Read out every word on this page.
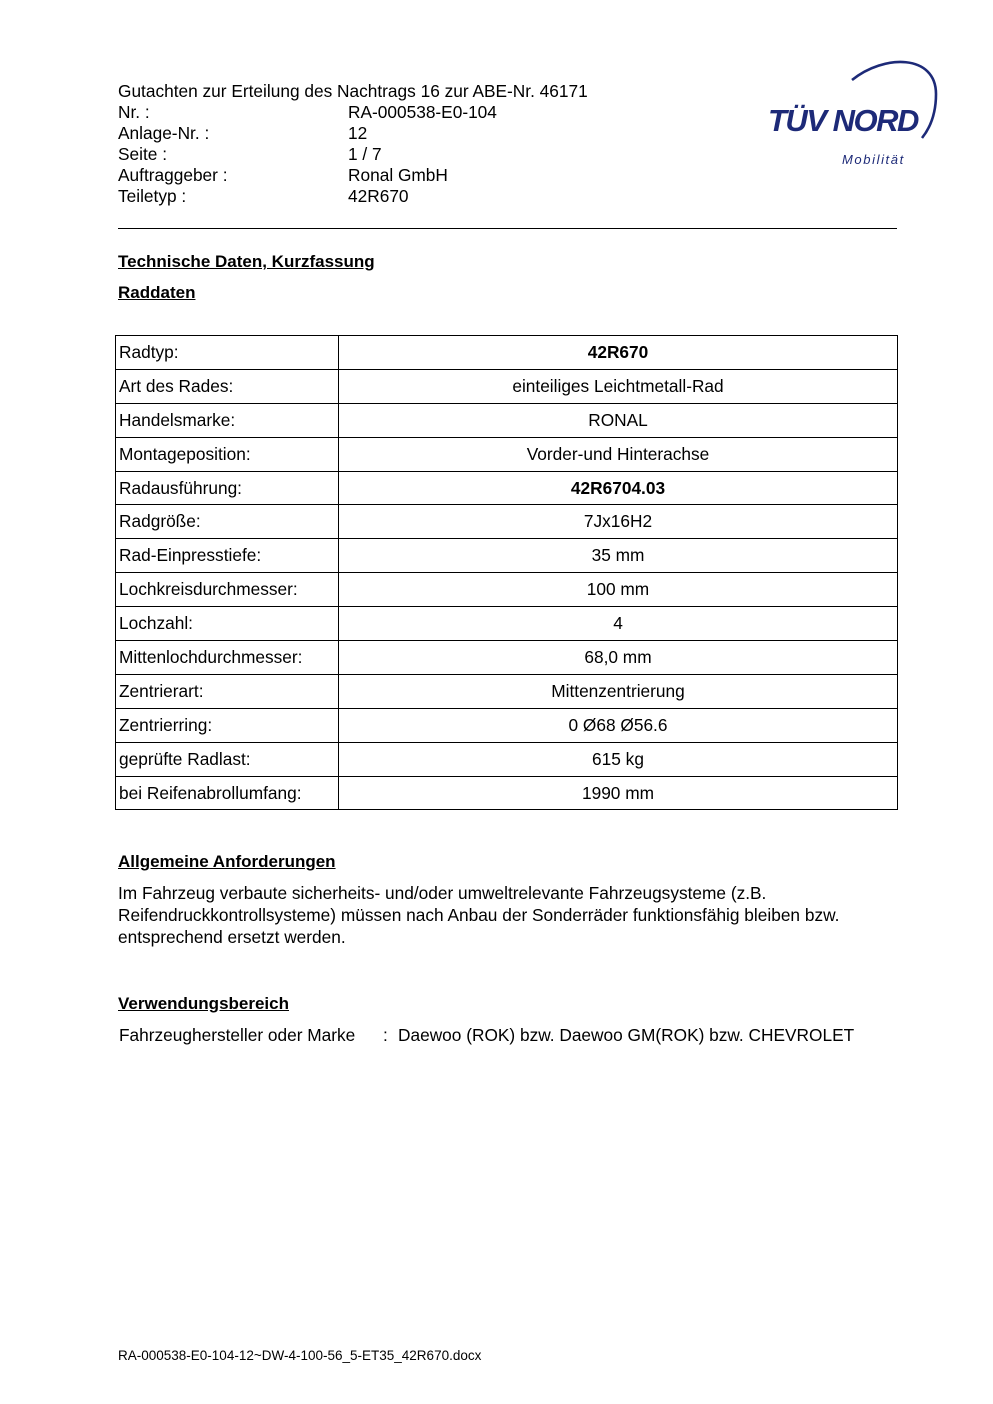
Gutachten zur Erteilung des Nachtrags 16 zur ABE-Nr. 46171
Nr. :	RA-000538-E0-104
Anlage-Nr. :	12
Seite :	1 / 7
Auftraggeber :	Ronal GmbH
Teiletyp :	42R670
TÜV NORD
Mobilität
Technische Daten, Kurzfassung
Raddaten
Radtyp:	42R670
Art des Rades:	einteiliges Leichtmetall-Rad
Handelsmarke:	RONAL
Montageposition:	Vorder-und Hinterachse
Radausführung:	42R6704.03
Radgröße:	7Jx16H2
Rad-Einpresstiefe:	35 mm
Lochkreisdurchmesser:	100 mm
Lochzahl:	4
Mittenlochdurchmesser:	68,0 mm
Zentrierart:	Mittenzentrierung
Zentrierring:	0 Ø68 Ø56.6
geprüfte Radlast:	615 kg
bei Reifenabrollumfang:	1990 mm
Allgemeine Anforderungen
Im Fahrzeug verbaute sicherheits- und/oder umweltrelevante Fahrzeugsysteme (z.B. Reifendruckkontrollsysteme) müssen nach Anbau der Sonderräder funktionsfähig bleiben bzw. entsprechend ersetzt werden.
Verwendungsbereich
Fahrzeughersteller oder Marke	: Daewoo (ROK) bzw. Daewoo GM(ROK) bzw. CHEVROLET
RA-000538-E0-104-12~DW-4-100-56_5-ET35_42R670.docx
